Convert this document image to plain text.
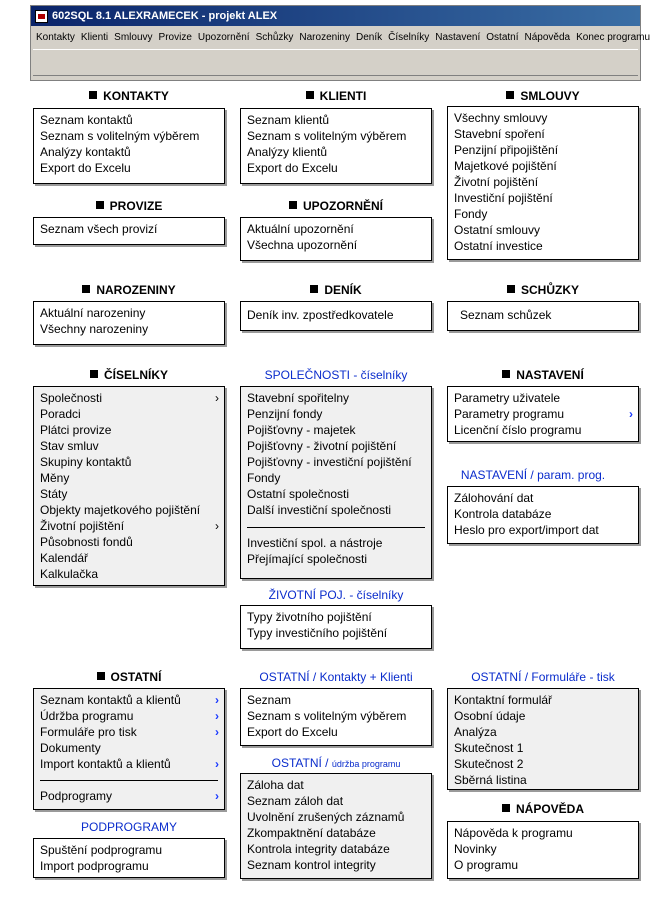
602SQL 8.1 ALEXRAMECEK - projekt ALEX
Kontakty Klienti Smlouvy Provize Upozornění Schůzky Narozeniny Deník Číselníky Nastavení Ostatní Nápověda Konec programu
KONTAKTY
Seznam kontaktů
Seznam s volitelným výběrem
Analýzy kontaktů
Export do Excelu
KLIENTI
Seznam klientů
Seznam s volitelným výběrem
Analýzy klientů
Export do Excelu
SMLOUVY
Všechny smlouvy
Stavební spoření
Penzijní připojištění
Majetkové pojištění
Životní pojištění
Investiční pojištění
Fondy
Ostatní smlouvy
Ostatní investice
PROVIZE
Seznam všech provizí
UPOZORNĚNÍ
Aktuální upozornění
Všechna upozornění
NAROZENINY
Aktuální narozeniny
Všechny narozeniny
DENÍK
Deník inv. zpostředkovatele
SCHŮZKY
Seznam schůzek
ČÍSELNÍKY
Společnosti	›
Poradci
Plátci provize
Stav smluv
Skupiny kontaktů
Měny
Státy
Objekty majetkového pojištění
Životní pojištění	›
Působnosti fondů
Kalendář
Kalkulačka
SPOLEČNOSTI - číselníky
Stavební spořitelny
Penzijní fondy
Pojišťovny - majetek
Pojišťovny - životní pojištění
Pojišťovny - investiční pojištění
Fondy
Ostatní společnosti
Další investiční společnosti
Investiční spol. a nástroje
Přejímající společnosti
NASTAVENÍ
Parametry uživatele
Parametry programu	›
Licenční číslo programu
NASTAVENÍ / param. prog.
Zálohování dat
Kontrola databáze
Heslo pro export/import dat
ŽIVOTNÍ POJ. - číselníky
Typy životního pojištění
Typy investičního pojištění
OSTATNÍ
Seznam kontaktů a klientů	›
Údržba programu	›
Formuláře pro tisk	›
Dokumenty
Import kontaktů a klientů	›
Podprogramy	›
OSTATNÍ / Kontakty + Klienti
Seznam
Seznam s volitelným výběrem
Export do Excelu
OSTATNÍ / údržba programu
Záloha dat
Seznam záloh dat
Uvolnění zrušených záznamů
Zkompaktnění databáze
Kontrola integrity databáze
Seznam kontrol integrity
OSTATNÍ / Formuláře - tisk
Kontaktní formulář
Osobní údaje
Analýza
Skutečnost 1
Skutečnost 2
Sběrná listina
PODPROGRAMY
Spuštění podprogramu
Import podprogramu
NÁPOVĚDA
Nápověda k programu
Novinky
O programu
